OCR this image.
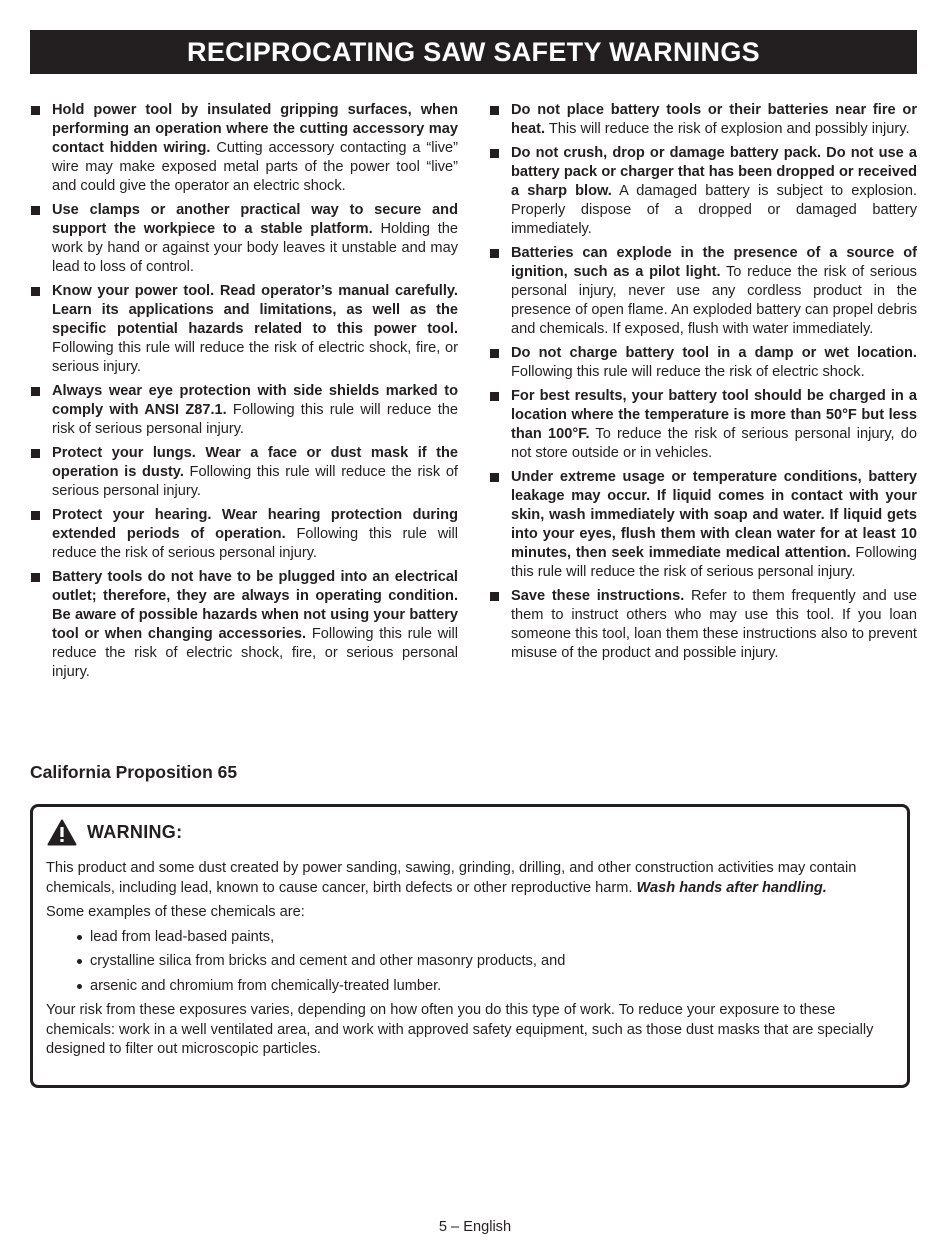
RECIPROCATING SAW SAFETY WARNINGS
Hold power tool by insulated gripping surfaces, when performing an operation where the cutting accessory may contact hidden wiring. Cutting accessory contacting a “live” wire may make exposed metal parts of the power tool “live” and could give the operator an electric shock.
Use clamps or another practical way to secure and support the workpiece to a stable platform. Holding the work by hand or against your body leaves it unstable and may lead to loss of control.
Know your power tool. Read operator’s manual carefully. Learn its applications and limitations, as well as the specific potential hazards related to this power tool. Following this rule will reduce the risk of electric shock, fire, or serious injury.
Always wear eye protection with side shields marked to comply with ANSI Z87.1. Following this rule will reduce the risk of serious personal injury.
Protect your lungs. Wear a face or dust mask if the operation is dusty. Following this rule will reduce the risk of serious personal injury.
Protect your hearing. Wear hearing protection during extended periods of operation. Following this rule will reduce the risk of serious personal injury.
Battery tools do not have to be plugged into an electrical outlet; therefore, they are always in operating condition. Be aware of possible hazards when not using your battery tool or when changing accessories. Following this rule will reduce the risk of electric shock, fire, or serious personal injury.
Do not place battery tools or their batteries near fire or heat. This will reduce the risk of explosion and possibly injury.
Do not crush, drop or damage battery pack. Do not use a battery pack or charger that has been dropped or received a sharp blow. A damaged battery is subject to explosion. Properly dispose of a dropped or damaged battery immediately.
Batteries can explode in the presence of a source of ignition, such as a pilot light. To reduce the risk of serious personal injury, never use any cordless product in the presence of open flame. An exploded battery can propel debris and chemicals. If exposed, flush with water immediately.
Do not charge battery tool in a damp or wet location. Following this rule will reduce the risk of electric shock.
For best results, your battery tool should be charged in a location where the temperature is more than 50°F but less than 100°F. To reduce the risk of serious personal injury, do not store outside or in vehicles.
Under extreme usage or temperature conditions, battery leakage may occur. If liquid comes in contact with your skin, wash immediately with soap and water. If liquid gets into your eyes, flush them with clean water for at least 10 minutes, then seek immediate medical attention. Following this rule will reduce the risk of serious personal injury.
Save these instructions. Refer to them frequently and use them to instruct others who may use this tool. If you loan someone this tool, loan them these instructions also to prevent misuse of the product and possible injury.
California Proposition 65
WARNING:

This product and some dust created by power sanding, sawing, grinding, drilling, and other construction activities may contain chemicals, including lead, known to cause cancer, birth defects or other reproductive harm. Wash hands after handling.

Some examples of these chemicals are:

lead from lead-based paints,
crystalline silica from bricks and cement and other masonry products, and
arsenic and chromium from chemically-treated lumber.

Your risk from these exposures varies, depending on how often you do this type of work. To reduce your exposure to these chemicals: work in a well ventilated area, and work with approved safety equipment, such as those dust masks that are specially designed to filter out microscopic particles.

5 – English
